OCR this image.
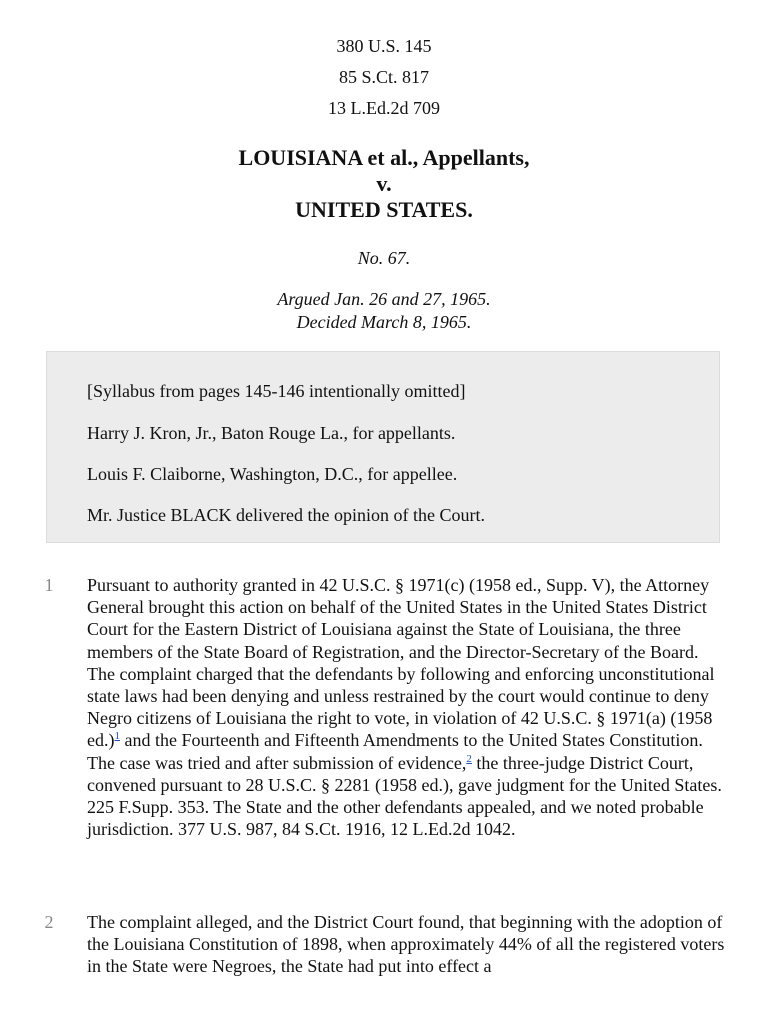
380 U.S. 145
85 S.Ct. 817
13 L.Ed.2d 709
LOUISIANA et al., Appellants,
v.
UNITED STATES.
No. 67.
Argued Jan. 26 and 27, 1965.
Decided March 8, 1965.
[Syllabus from pages 145-146 intentionally omitted]
Harry J. Kron, Jr., Baton Rouge La., for appellants.
Louis F. Claiborne, Washington, D.C., for appellee.
Mr. Justice BLACK delivered the opinion of the Court.
1 Pursuant to authority granted in 42 U.S.C. § 1971(c) (1958 ed., Supp. V), the Attorney General brought this action on behalf of the United States in the United States District Court for the Eastern District of Louisiana against the State of Louisiana, the three members of the State Board of Registration, and the Director-Secretary of the Board. The complaint charged that the defendants by following and enforcing unconstitutional state laws had been denying and unless restrained by the court would continue to deny Negro citizens of Louisiana the right to vote, in violation of 42 U.S.C. § 1971(a) (1958 ed.)$^1$ and the Fourteenth and Fifteenth Amendments to the United States Constitution. The case was tried and after submission of evidence,$^2$ the three-judge District Court, convened pursuant to 28 U.S.C. § 2281 (1958 ed.), gave judgment for the United States. 225 F.Supp. 353. The State and the other defendants appealed, and we noted probable jurisdiction. 377 U.S. 987, 84 S.Ct. 1916, 12 L.Ed.2d 1042.
2 The complaint alleged, and the District Court found, that beginning with the adoption of the Louisiana Constitution of 1898, when approximately 44% of all the registered voters in the State were Negroes, the State had put into effect a
